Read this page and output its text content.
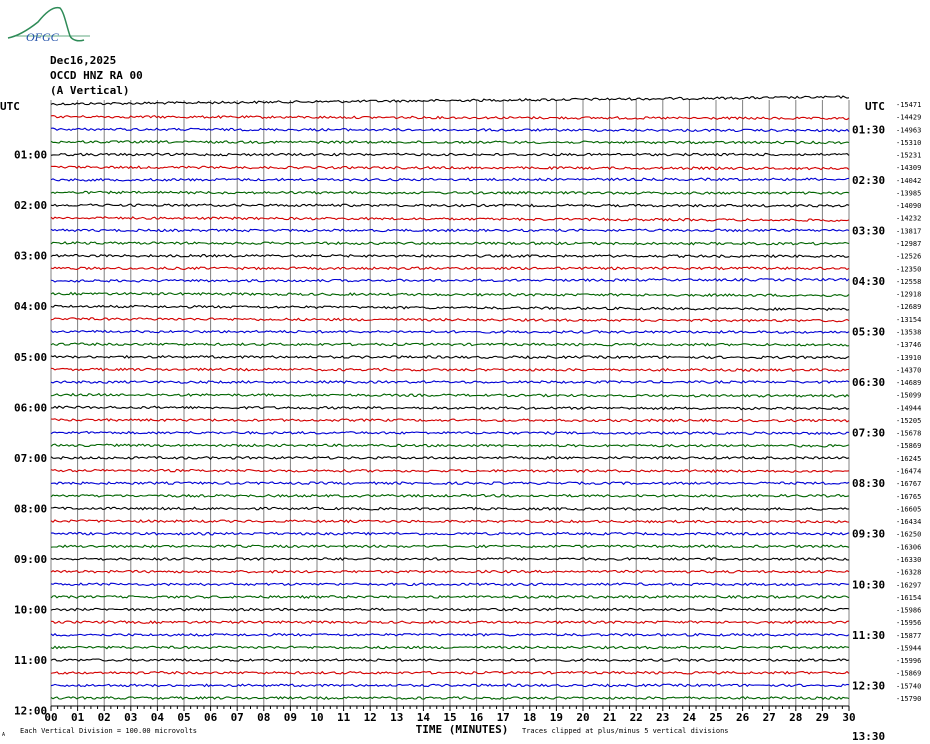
OFGC
-15471
-14429
-14963
-15310
-15231
-14309
-14042
-13985
-14090
-14232
-13817
-12987
-12526
-12350
-12558
-12918
-12689
-13154
-13538
-13746
-13910
-14370
-14689
-15099
-14944
-15205
-15678
-15869
-16245
-16474
-16767
-16765
-16605
-16434
-16250
-16306
-16330
-16328
-16297
-16154
-15986
-15956
-15877
-15944
-15996
-15869
-15740
-15790
UTC	UTC
01:00
02:00
03:00
04:00
05:00
06:00
07:00
08:00
09:00
10:00
11:00
12:00
01:30
02:30
03:30
04:30
05:30
06:30
07:30
08:30
09:30
10:30
11:30
12:30
13:30
00 01 02 03 04 05 06 07 08 09 10 11 12 13 14 15 16 17 18 19 20 21 22 23 24 25 26 27 28 29 30
TIME (MINUTES)
Each Vertical Division = 100.00 microvolts	Traces clipped at plus/minus 5 vertical divisions
A
Dec16,2025
OCCD HNZ RA 00
(A Vertical)
